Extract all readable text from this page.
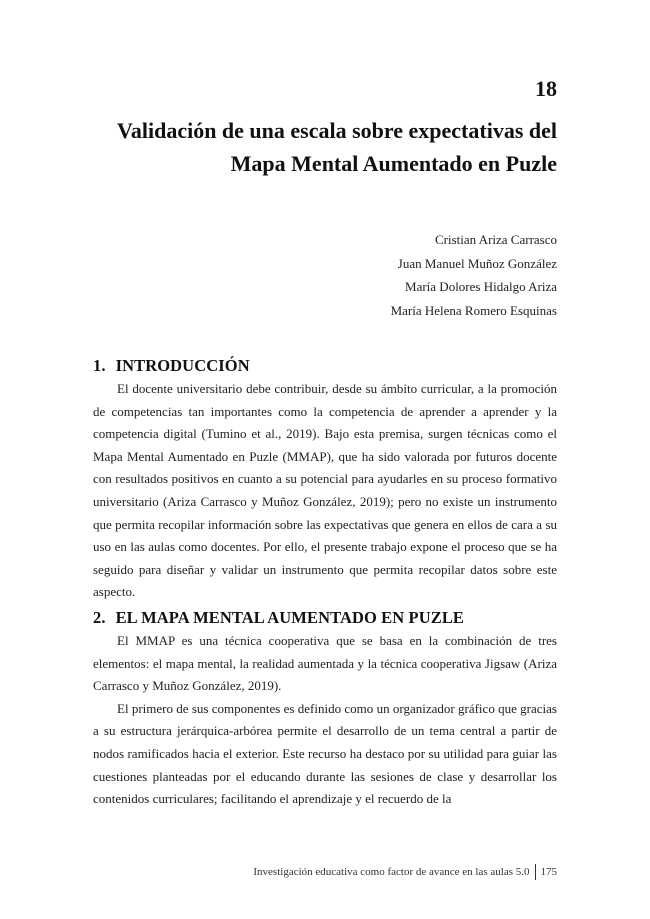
18
Validación de una escala sobre expectativas del
Mapa Mental Aumentado en Puzle
Cristian Ariza Carrasco
Juan Manuel Muñoz González
María Dolores Hidalgo Ariza
María Helena Romero Esquinas
1. INTRODUCCIÓN

El docente universitario debe contribuir, desde su ámbito curricular, a la promoción de competencias tan importantes como la competencia de aprender a aprender y la competencia digital (Tumino et al., 2019). Bajo esta premisa, surgen técnicas como el Mapa Mental Aumentado en Puzle (MMAP), que ha sido valorada por futuros docente con resultados positivos en cuanto a su potencial para ayudarles en su proceso formativo universitario (Ariza Carrasco y Muñoz González, 2019); pero no existe un instrumento que permita recopilar información sobre las expectativas que genera en ellos de cara a su uso en las aulas como docentes. Por ello, el presente trabajo expone el proceso que se ha seguido para diseñar y validar un instrumento que permita recopilar datos sobre este aspecto.

2. EL MAPA MENTAL AUMENTADO EN PUZLE

El MMAP es una técnica cooperativa que se basa en la combinación de tres elementos: el mapa mental, la realidad aumentada y la técnica cooperativa Jigsaw (Ariza Carrasco y Muñoz González, 2019).

El primero de sus componentes es definido como un organizador gráfico que gracias a su estructura jerárquica-arbórea permite el desarrollo de un tema central a partir de nodos ramificados hacia el exterior. Este recurso ha destaco por su utilidad para guiar las cuestiones planteadas por el educando durante las sesiones de clase y desarrollar los contenidos curriculares; facilitando el aprendizaje y el recuerdo de la

Investigación educativa como factor de avance en las aulas 5.0 175
